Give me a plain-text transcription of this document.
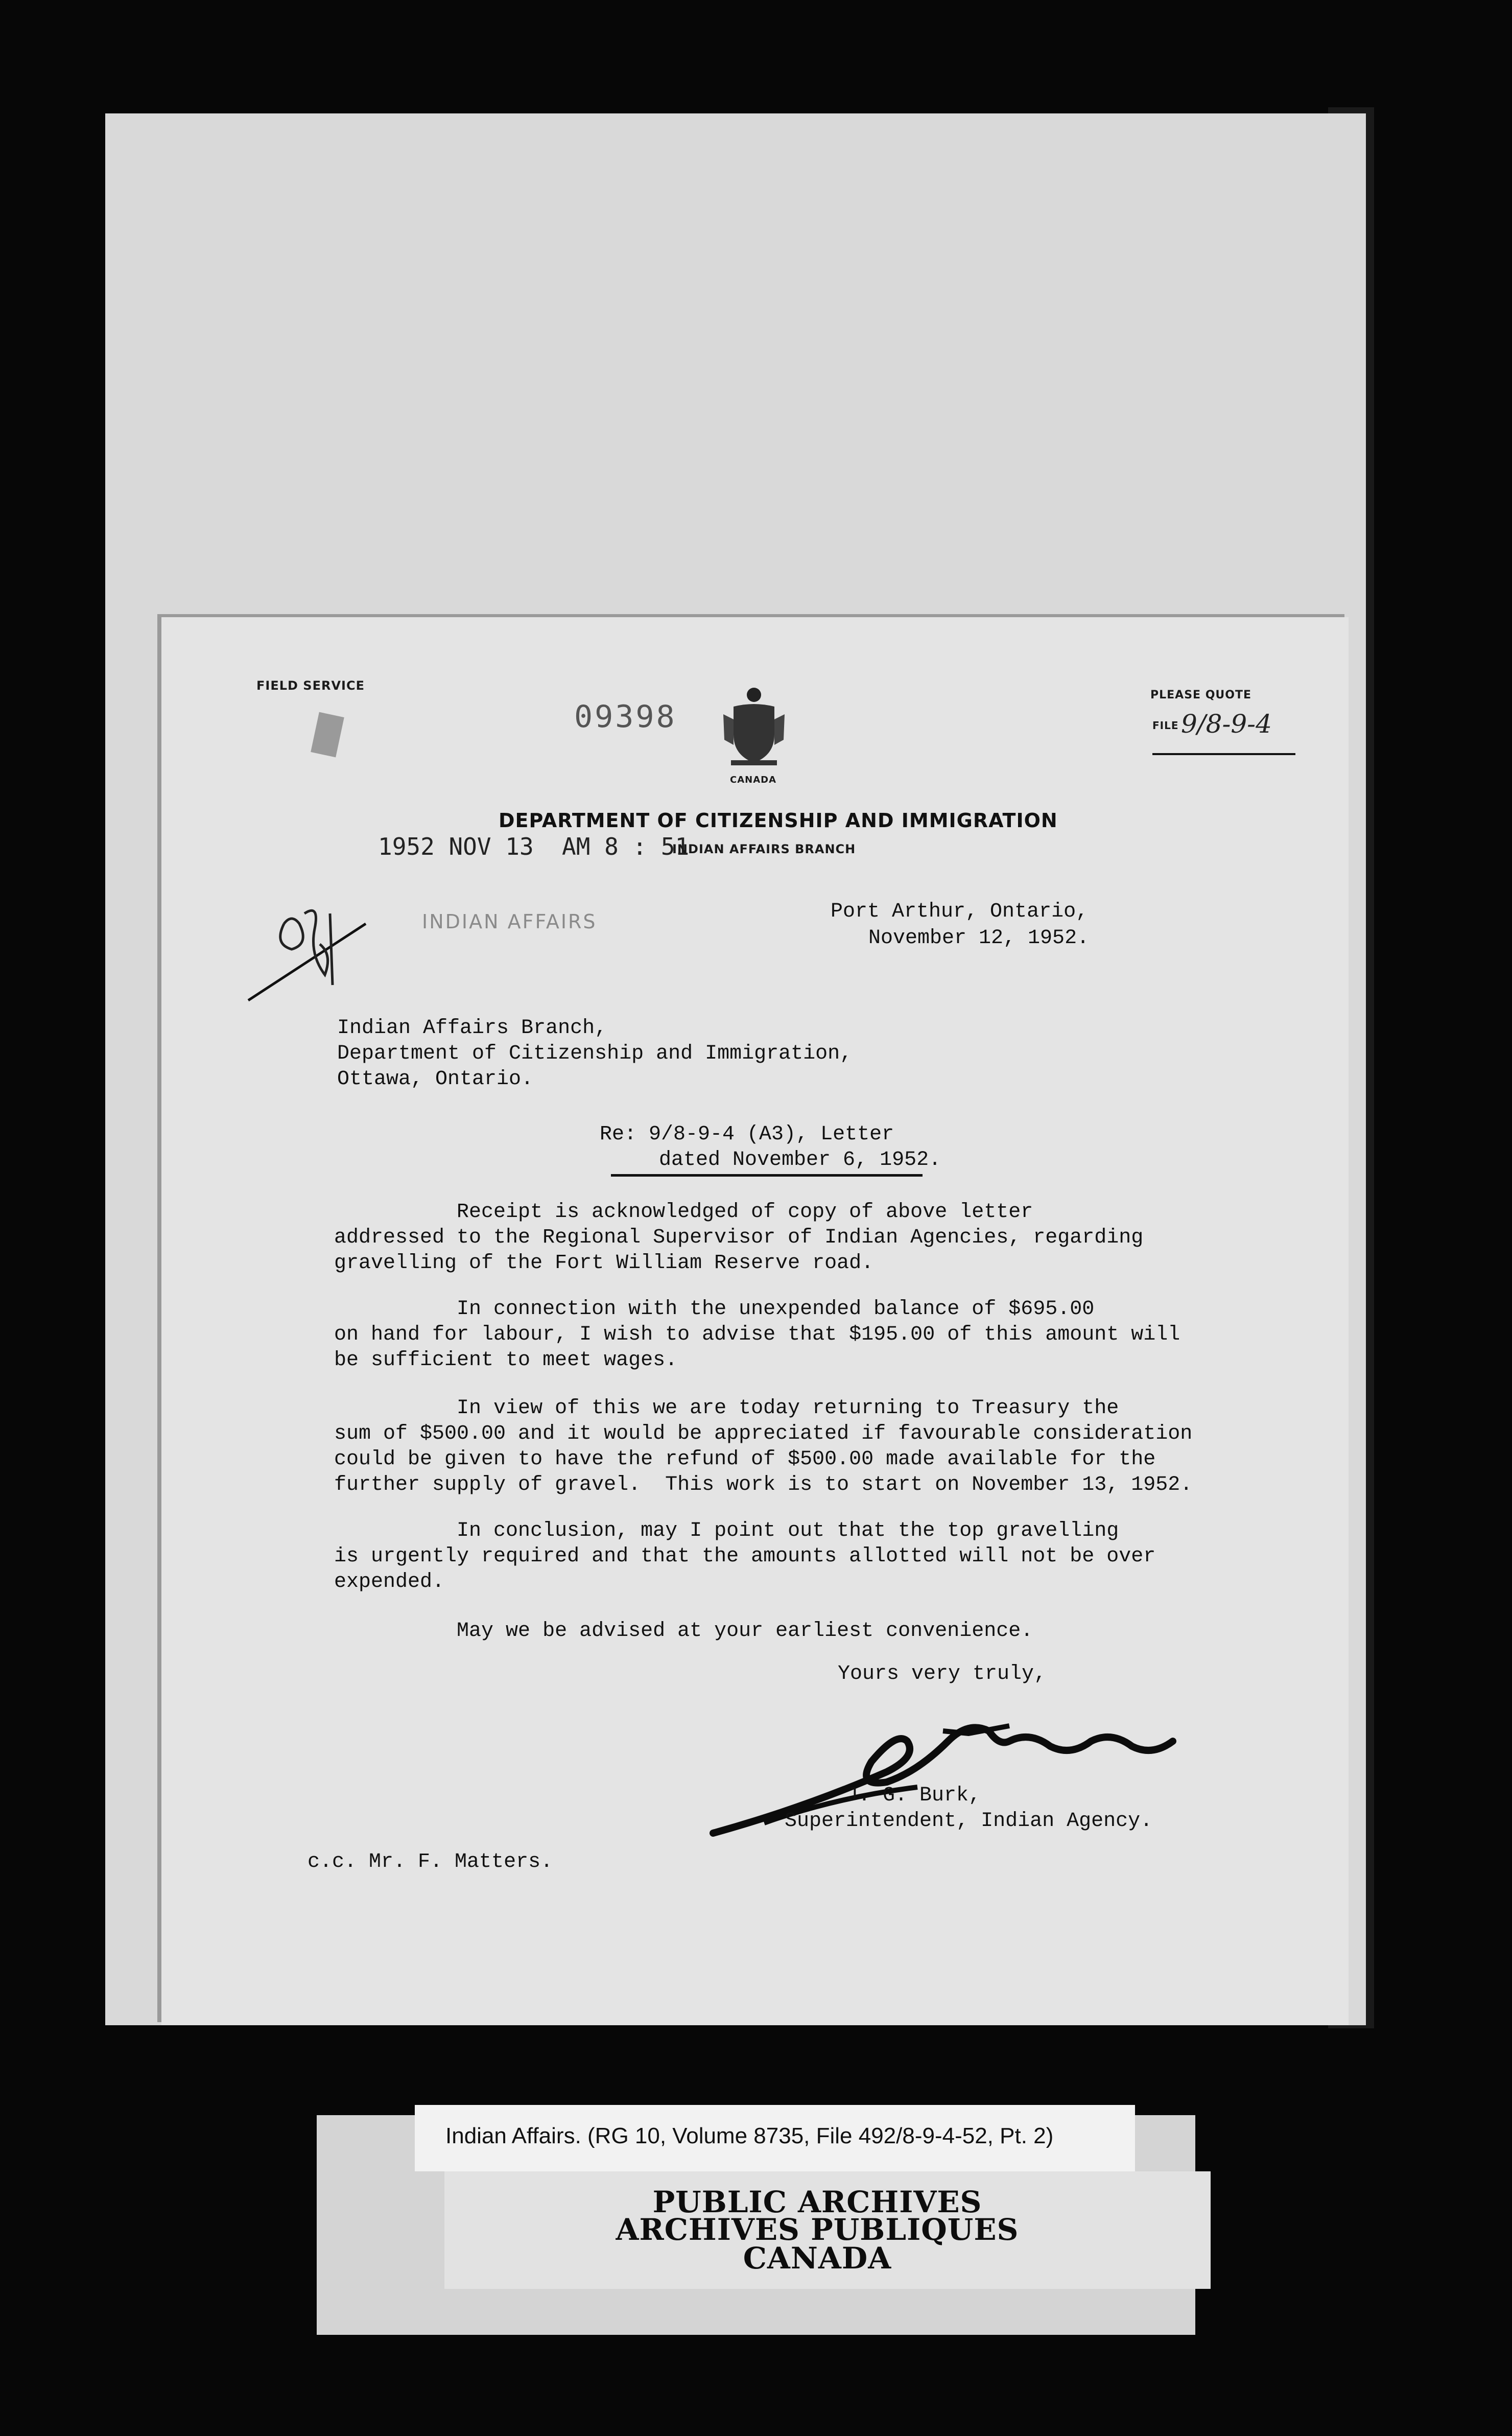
FIELD SERVICE
09398
CANADA
PLEASE QUOTE
FILE 9/8-9-4
DEPARTMENT OF CITIZENSHIP AND IMMIGRATION
1952 NOV 13  AM 8 : 51
INDIAN AFFAIRS BRANCH
INDIAN AFFAIRS	Port Arthur, Ontario,
November 12, 1952.
Indian Affairs Branch,
Department of Citizenship and Immigration,
Ottawa, Ontario.
Re: 9/8-9-4 (A3), Letter
dated November 6, 1952.
Receipt is acknowledged of copy of above letter
addressed to the Regional Supervisor of Indian Agencies, regarding
gravelling of the Fort William Reserve road.
In connection with the unexpended balance of $695.00
on hand for labour, I wish to advise that $195.00 of this amount will
be sufficient to meet wages.
In view of this we are today returning to Treasury the
sum of $500.00 and it would be appreciated if favourable consideration
could be given to have the refund of $500.00 made available for the
further supply of gravel.  This work is to start on November 13, 1952.
In conclusion, may I point out that the top gravelling
is urgently required and that the amounts allotted will not be over
expended.
May we be advised at your earliest convenience.
Yours very truly,
J. G. Burk,
Superintendent, Indian Agency.
c.c. Mr. F. Matters.
Indian Affairs. (RG 10, Volume 8735, File 492/8-9-4-52, Pt. 2)
PUBLIC ARCHIVES
ARCHIVES PUBLIQUES
CANADA
